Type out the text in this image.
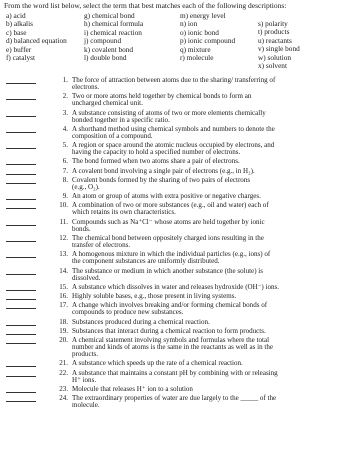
From the word list below, select the term that best matches each of the following descriptions:
a) acid
b) alkalis
c) base
d) balanced equation
e) buffer
f) catalyst
g) chemical bond
h) chemical formula
i) chemical reaction
j) compound
k) covalent bond
l) double bond
m) energy level
n) ion
o) ionic bond
p) ionic compound
q) mixture
r) molecule
s) polarity
t) products
u) reactants
v) single bond
w) solution
x) solvent
1. The force of attraction between atoms due to the sharing/ transferring of
electrons.
2. Two or more atoms held together by chemical bonds to form an
uncharged chemical unit.
3. A substance consisting of atoms of two or more elements chemically
bonded together in a specific ratio.
4. A shorthand method using chemical symbols and numbers to denote the
composition of a compound.
5. A region or space around the atomic nucleus occupied by electrons, and
having the capacity to hold a specified number of electrons.
6. The bond formed when two atoms share a pair of electrons.
7. A covalent bond involving a single pair of electrons (e.g., in H₂).
8. Covalent bonds formed by the sharing of two pairs of electrons
(e.g., O₂).
9. An atom or group of atoms with extra positive or negative charges.
10. A combination of two or more substances (e.g., oil and water) each of
which retains its own characteristics.
11. Compounds such as Na⁺Cl⁻ whose atoms are held together by ionic
bonds.
12. The chemical bond between oppositely charged ions resulting in the
transfer of electrons.
13. A homogenous mixture in which the individual particles (e.g., ions) of
the component substances are uniformly distributed.
14. The substance or medium in which another substance (the solute) is
dissolved.
15. A substance which dissolves in water and releases hydroxide (OH⁻) ions.
16. Highly soluble bases, e.g., those present in living systems.
17. A change which involves breaking and/or forming chemical bonds of
compounds to produce new substances.
18. Substances produced during a chemical reaction.
19. Substances that interact during a chemical reaction to form products.
20. A chemical statement involving symbols and formulas where the total
number and kinds of atoms is the same in the reactants as well as in the
products.
21. A substance which speeds up the rate of a chemical reaction.
22. A substance that maintains a constant pH by combining with or releasing
H⁺ ions.
23. Molecule that releases H⁺ ion to a solution
24. The extraordinary properties of water are due largely to the _____ of the
molecule.
